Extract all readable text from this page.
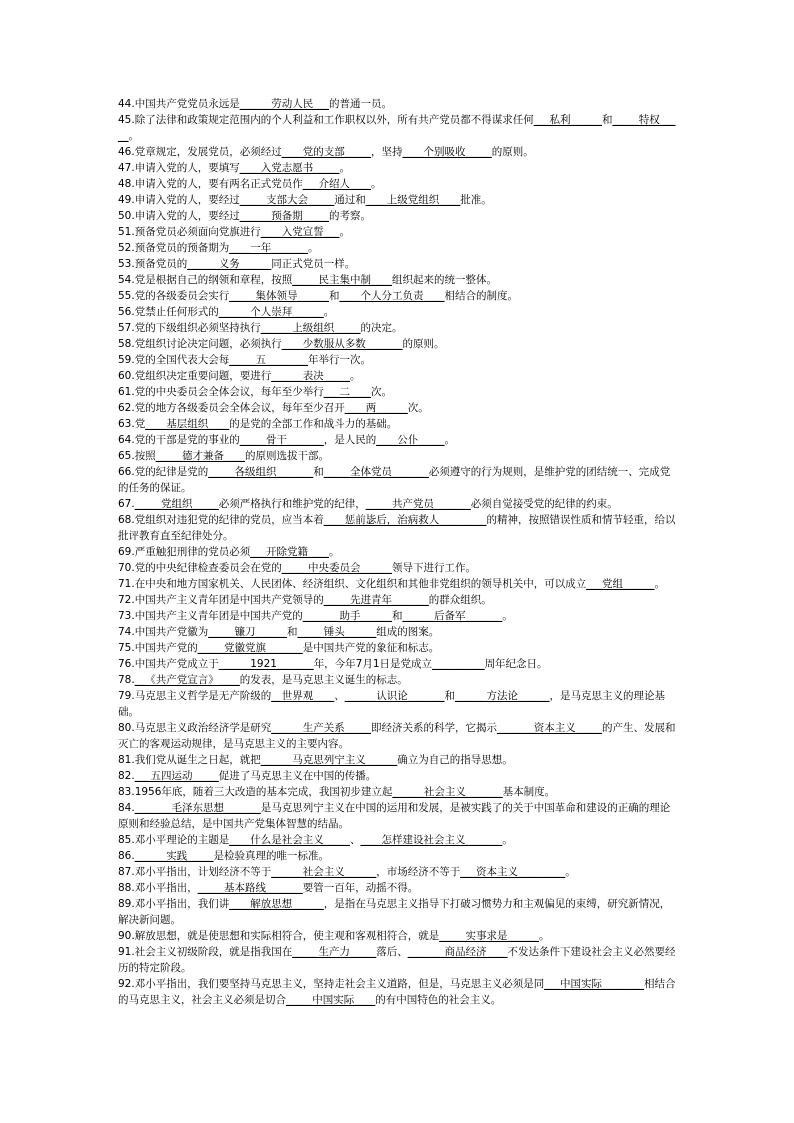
44.中国共产党党员永远是______劳动人民___的普通一员。
45.除了法律和政策规定范围内的个人利益和工作职权以外，所有共产党员都不得谋求任何___私利______和_____特权_____。
46.党章规定，发展党员，必须经过____党的支部_____，坚持____个别吸收_____的原则。
47.申请入党的人，要填写____入党志愿书_____。
48.申请入党的人，要有两名正式党员作___介绍人____。
49.申请入党的人，要经过_____支部大会_____通过和____上级党组织____批准。
50.申请入党的人，要经过______预备期_____的考察。
51.预备党员必须面向党旗进行____入党宣誓___。
52.预备党员的预备期为____一年_______。
53.预备党员的______义务______同正式党员一样。
54.党是根据自己的纲领和章程，按照_____民主集中制____组织起来的统一整体。
55.党的各级委员会实行_____集体领导______和____个人分工负责____相结合的制度。
56.党禁止任何形式的______个人崇拜______。
57.党的下级组织必须坚持执行______上级组织_____的决定。
58.党组织讨论决定问题，必须执行____少数服从多数_______的原则。
59.党的全国代表大会每_____五________年举行一次。
60.党组织决定重要问题，要进行______表决_____。
61.党的中央委员会全体会议，每年至少举行___二____次。
62.党的地方各级委员会全体会议，每年至少召开____两______次。
63.党____基层组织____的是党的全部工作和战斗力的基础。
64.党的干部是党的事业的_____骨干_______，是人民的____公仆_____。
65.按照_____德才兼备____的原则选拔干部。
66.党的纪律是党的_____各级组织_______和_____全体党员_______必须遵守的行为规则，是维护党的团结统一、完成党的任务的保证。
67._____党组织_____必须严格执行和维护党的纪律，_____共产党员_______必须自觉接受党的纪律的约束。
68.党组织对违犯党的纪律的党员，应当本着____惩前毖后，治病救人_________的精神，按照错误性质和情节轻重，给以批评教育直至纪律处分。
69.严重触犯刑律的党员必须___开除党籍____。
70.党的中央纪律检查委员会在党的_____中央委员会______领导下进行工作。
71.在中央和地方国家机关、人民团体、经济组织、文化组织和其他非党组织的领导机关中，可以成立___党组______。
72.中国共产主义青年团是中国共产党领导的_____先进青年_______的群众组织。
73.中国共产主义青年团是中国共产党的_______助手______和______后备军_______。
74.中国共产党徽为_____镰刀______和_____锤头______组成的图案。
75.中国共产党的_____党徽党旗_______是中国共产党的象征和标志。
76.中国共产党成立于______1921_______年，今年7月1日是党成立__________周年纪念日。
78.__《共产党宣言》____的发表，是马克思主义诞生的标志。
79.马克思主义哲学是无产阶级的__世界观____、______认识论_______和______方法论______，是马克思主义的理论基础。
80.马克思主义政治经济学是研究______生产关系_____即经济关系的科学，它揭示_______资本主义_____的产生、发展和灭亡的客观运动规律，是马克思主义的主要内容。
81.我们党从诞生之日起，就把______马克思列宁主义______确立为自己的指导思想。
82.___五四运动_____促进了马克思主义在中国的传播。
83.1956年底，随着三大改造的基本完成，我国初步建立起______社会主义_______基本制度。
84._______毛泽东思想_______是马克思列宁主义在中国的运用和发展，是被实践了的关于中国革命和建设的正确的理论原则和经验总结，是中国共产党集体智慧的结晶。
85.邓小平理论的主题是____什么是社会主义_____、____怎样建设社会主义_______。
86.______实践_____是检验真理的唯一标准。
87.邓小平指出，计划经济不等于______社会主义______，市场经济不等于___资本主义_________。
88.邓小平指出，_____基本路线_______要管一百年，动摇不得。
89.邓小平指出，我们讲____解放思想______，是指在马克思主义指导下打破习惯势力和主观偏见的束缚，研究新情况，解决新问题。
90.解放思想，就是使思想和实际相符合，使主观和客观相符合，就是_____实事求是______。
91.社会主义初级阶段，就是指我国在_____生产力_____落后、_______商品经济____不发达条件下建设社会主义必然要经历的特定阶段。
92.邓小平指出，我们要坚持马克思主义，坚持走社会主义道路，但是，马克思主义必须是同___中国实际________相结合的马克思主义，社会主义必须是切合_____中国实际____的有中国特色的社会主义。
